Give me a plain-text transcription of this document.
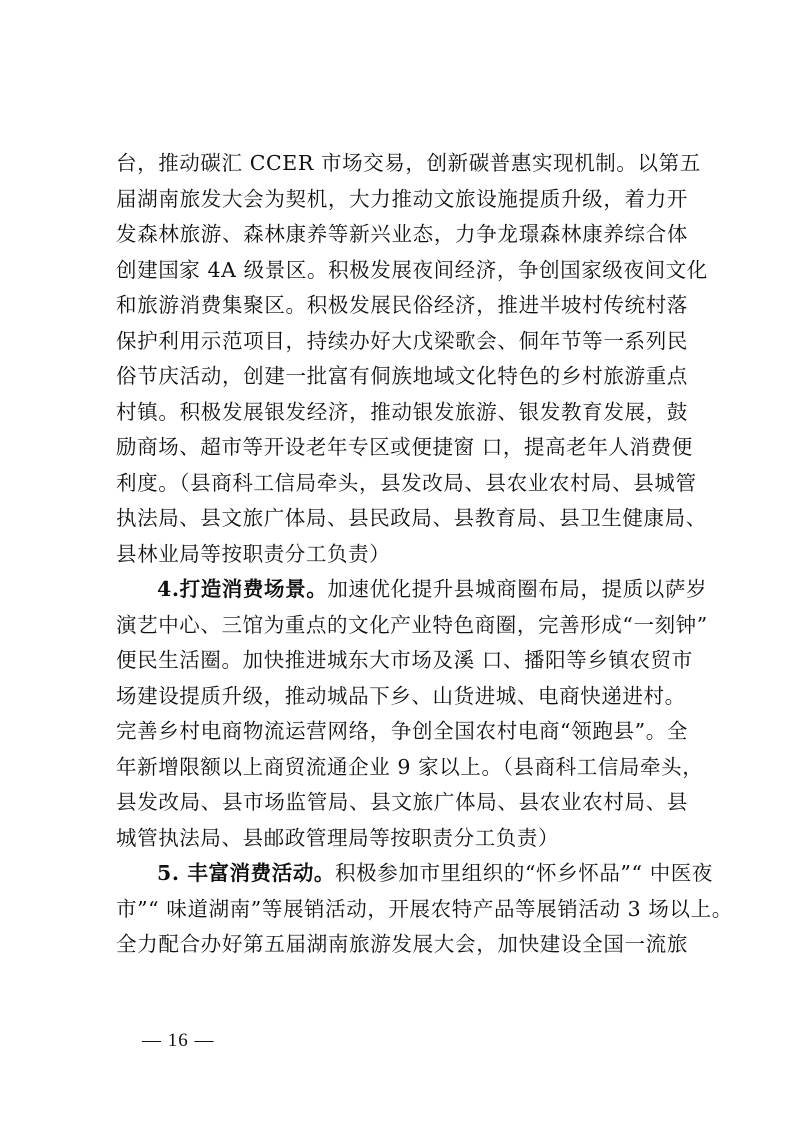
台，推动碳汇 CCER 市场交易，创新碳普惠实现机制。以第五
届湖南旅发大会为契机，大力推动文旅设施提质升级，着力开
发森林旅游、森林康养等新兴业态，力争龙璟森林康养综合体
创建国家 4A 级景区。积极发展夜间经济，争创国家级夜间文化
和旅游消费集聚区。积极发展民俗经济，推进半坡村传统村落
保护利用示范项目，持续办好大戊梁歌会、侗年节等一系列民
俗节庆活动，创建一批富有侗族地域文化特色的乡村旅游重点
村镇。积极发展银发经济，推动银发旅游、银发教育发展，鼓
励商场、超市等开设老年专区或便捷窗 口，提高老年人消费便
利度。（县商科工信局牵头，县发改局、县农业农村局、县城管
执法局、县文旅广体局、县民政局、县教育局、县卫生健康局、
县林业局等按职责分工负责）
4.打造消费场景。加速优化提升县城商圈布局，提质以萨岁
演艺中心、三馆为重点的文化产业特色商圈，完善形成“一刻钟”
便民生活圈。加快推进城东大市场及溪 口、播阳等乡镇农贸市
场建设提质升级，推动城品下乡、山货进城、电商快递进村。
完善乡村电商物流运营网络，争创全国农村电商“领跑县”。全
年新增限额以上商贸流通企业 9 家以上。（县商科工信局牵头，
县发改局、县市场监管局、县文旅广体局、县农业农村局、县
城管执法局、县邮政管理局等按职责分工负责）
5. 丰富消费活动。积极参加市里组织的“怀乡怀品”“ 中医夜
市”“ 味道湖南”等展销活动，开展农特产品等展销活动 3 场以上。
全力配合办好第五届湖南旅游发展大会，加快建设全国一流旅
— 16 —
